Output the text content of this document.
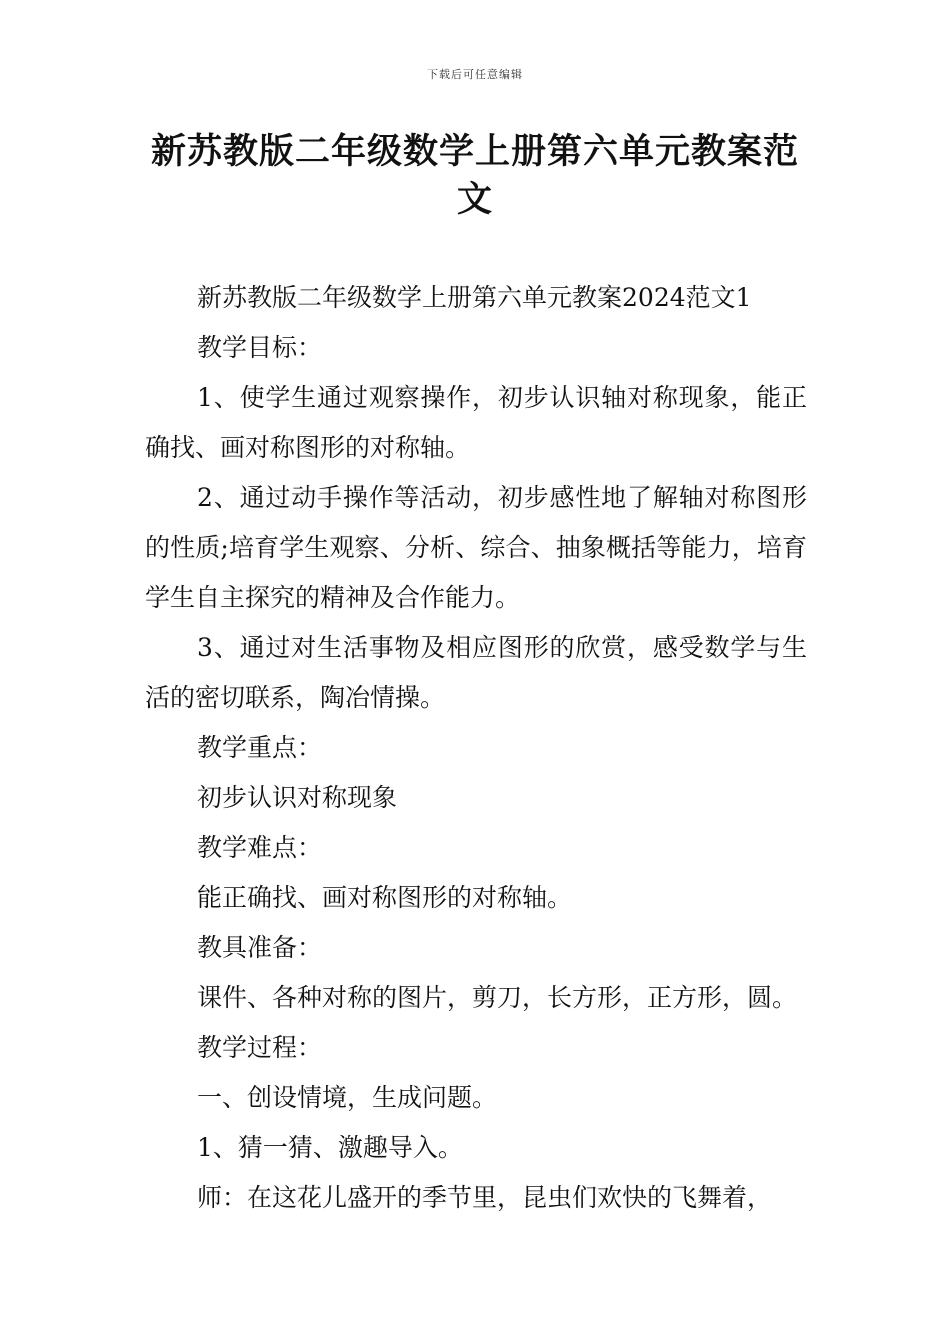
下载后可任意编辑
新苏教版二年级数学上册第六单元教案范
文

新苏教版二年级数学上册第六单元教案2024范文1

教学目标：

1、使学生通过观察操作，初步认识轴对称现象，能正确找、画对称图形的对称轴。

2、通过动手操作等活动，初步感性地了解轴对称图形的性质;培育学生观察、分析、综合、抽象概括等能力，培育学生自主探究的精神及合作能力。

3、通过对生活事物及相应图形的欣赏，感受数学与生活的密切联系，陶冶情操。

教学重点：

初步认识对称现象

教学难点：

能正确找、画对称图形的对称轴。

教具准备：

课件、各种对称的图片，剪刀，长方形，正方形，圆。

教学过程：

一、创设情境，生成问题。

1、猜一猜、激趣导入。

师：在这花儿盛开的季节里，昆虫们欢快的飞舞着，
